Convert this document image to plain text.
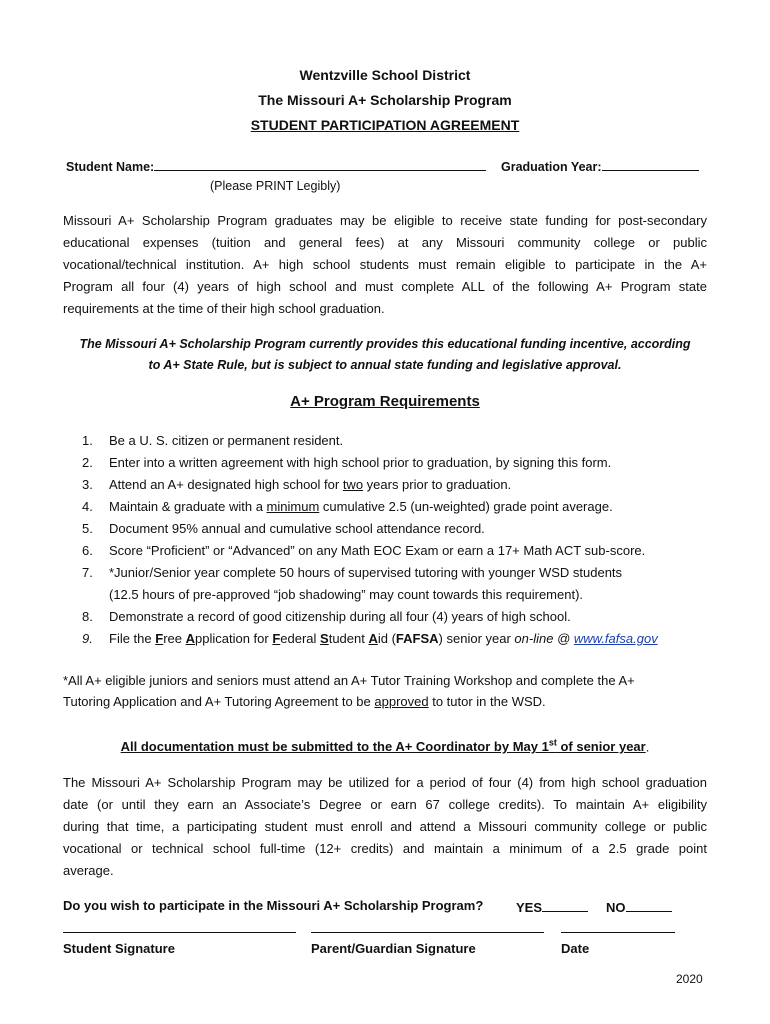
Wentzville School District
The Missouri A+ Scholarship Program
STUDENT PARTICIPATION AGREEMENT
Student Name:	Graduation Year:
(Please PRINT Legibly)
Missouri A+ Scholarship Program graduates may be eligible to receive state funding for post-secondary
educational expenses (tuition and general fees) at any Missouri community college or public
vocational/technical institution. A+ high school students must remain eligible to participate in the A+
Program all four (4) years of high school and must complete ALL of the following A+ Program state
requirements at the time of their high school graduation.
The Missouri A+ Scholarship Program currently provides this educational funding incentive, according
to A+ State Rule, but is subject to annual state funding and legislative approval.
A+ Program Requirements
1. Be a U. S. citizen or permanent resident.
2. Enter into a written agreement with high school prior to graduation, by signing this form.
3. Attend an A+ designated high school for two years prior to graduation.
4. Maintain & graduate with a minimum cumulative 2.5 (un-weighted) grade point average.
5. Document 95% annual and cumulative school attendance record.
6. Score “Proficient” or “Advanced” on any Math EOC Exam or earn a 17+ Math ACT sub-score.
7. *Junior/Senior year complete 50 hours of supervised tutoring with younger WSD students
(12.5 hours of pre-approved “job shadowing” may count towards this requirement).
8. Demonstrate a record of good citizenship during all four (4) years of high school.
9. File the Free Application for Federal Student Aid (FAFSA) senior year on-line @ www.fafsa.gov
*All A+ eligible juniors and seniors must attend an A+ Tutor Training Workshop and complete the A+
Tutoring Application and A+ Tutoring Agreement to be approved to tutor in the WSD.
All documentation must be submitted to the A+ Coordinator by May 1st of senior year.
The Missouri A+ Scholarship Program may be utilized for a period of four (4) from high school graduation
date (or until they earn an Associate’s Degree or earn 67 college credits). To maintain A+ eligibility
during that time, a participating student must enroll and attend a Missouri community college or public
vocational or technical school full-time (12+ credits) and maintain a minimum of a 2.5 grade point
average.
Do you wish to participate in the Missouri A+ Scholarship Program?	YES	NO
Student Signature	Parent/Guardian Signature	Date
2020
